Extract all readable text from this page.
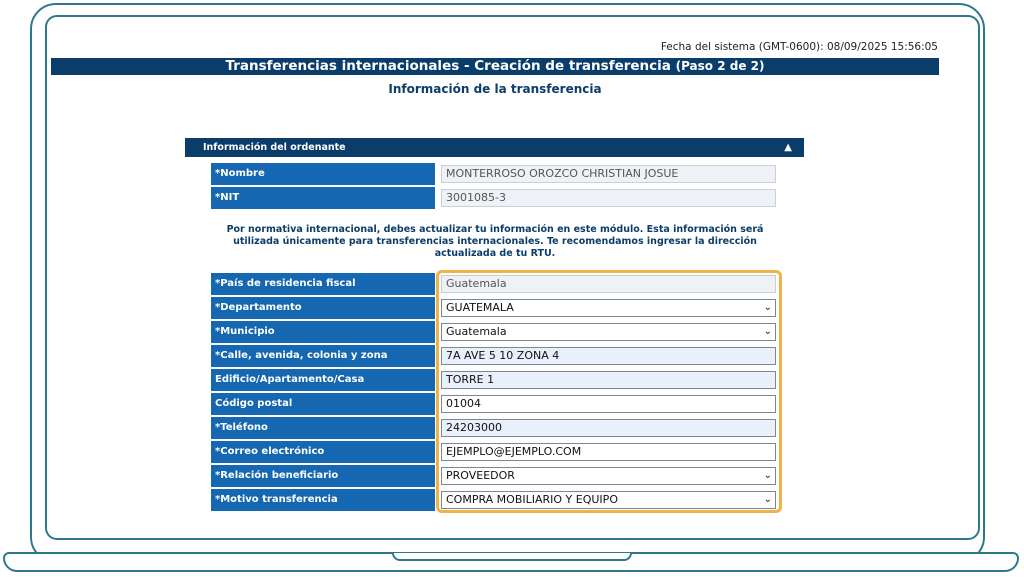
Fecha del sistema (GMT-0600): 08/09/2025 15:56:05
Transferencias internacionales - Creación de transferencia (Paso 2 de 2)
Información de la transferencia
Información del ordenante	▲
*Nombre	MONTERROSO OROZCO CHRISTIAN JOSUE
*NIT	3001085-3
Por normativa internacional, debes actualizar tu información en este módulo. Esta información será utilizada únicamente para transferencias internacionales. Te recomendamos ingresar la dirección actualizada de tu RTU.
*País de residencia fiscal	Guatemala
*Departamento	GUATEMALA	⌄
*Municipio	Guatemala	⌄
*Calle, avenida, colonia y zona	7A AVE 5 10 ZONA 4
Edificio/Apartamento/Casa	TORRE 1
Código postal	01004
*Teléfono	24203000
*Correo electrónico	EJEMPLO@EJEMPLO.COM
*Relación beneficiario	PROVEEDOR	⌄
*Motivo transferencia	COMPRA MOBILIARIO Y EQUIPO	⌄
